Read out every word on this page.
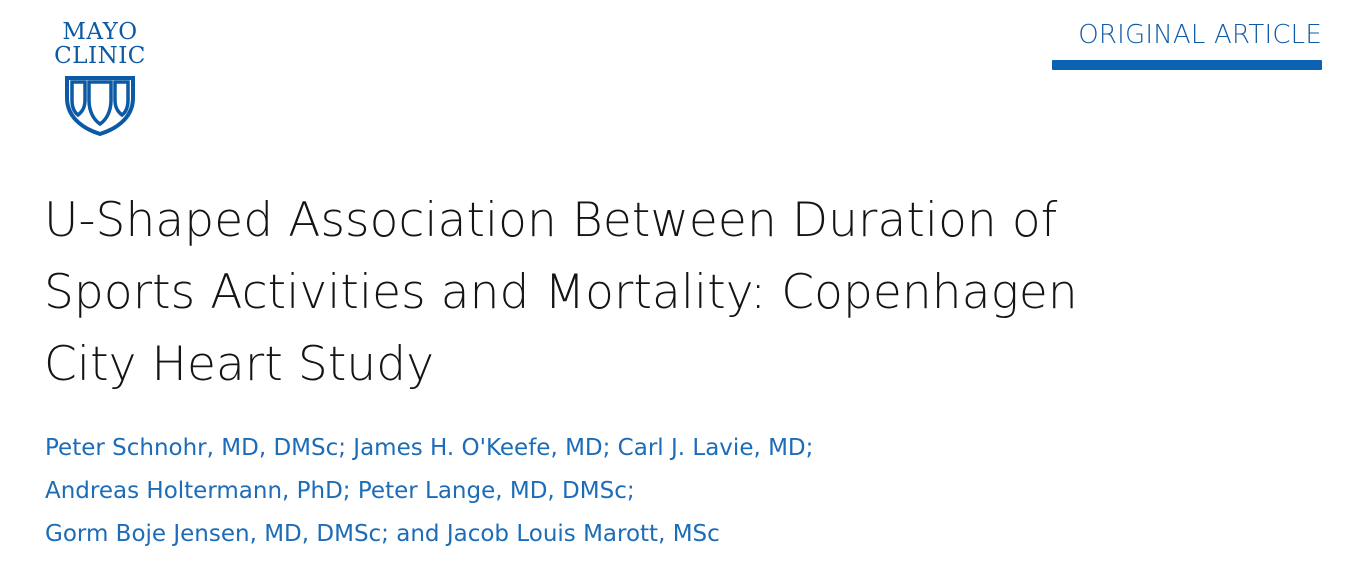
MAYO
CLINIC
ORIGINAL ARTICLE
U-Shaped Association Between Duration of
Sports Activities and Mortality: Copenhagen
City Heart Study
Peter Schnohr, MD, DMSc; James H. O'Keefe, MD; Carl J. Lavie, MD;
Andreas Holtermann, PhD; Peter Lange, MD, DMSc;
Gorm Boje Jensen, MD, DMSc; and Jacob Louis Marott, MSc
